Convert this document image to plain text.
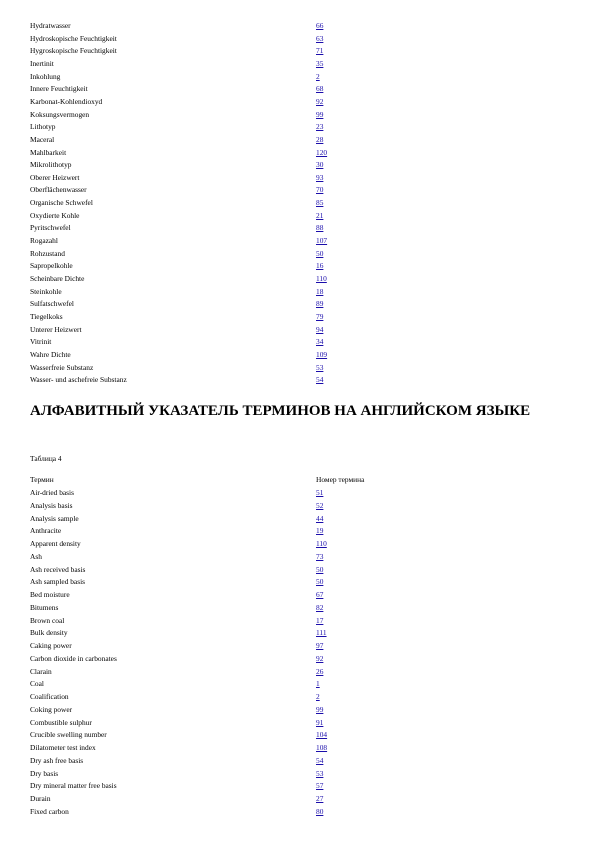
Hydratwasser	66
Hydroskopische Feuchtigkeit	63
Hygroskopische Feuchtigkeit	71
Inertinit	35
Inkohlung	2
Innere Feuchtigkeit	68
Karbonat-Kohlendioxyd	92
Koksungsvermogen	99
Lithotyp	23
Maceral	28
Mahlbarkeit	120
Mikrolithotyp	30
Oberer Heizwert	93
Oberflächenwasser	70
Organische Schwefel	85
Oxydierte Kohle	21
Pyritschwefel	88
Rogazahl	107
Rohzustand	50
Sapropelkohle	16
Scheinbare Dichte	110
Steinkohle	18
Sulfatschwefel	89
Tiegelkoks	79
Unterer Heizwert	94
Vitrinit	34
Wahre Dichte	109
Wasserfreie Substanz	53
Wasser- und aschefreie Substanz	54
АЛФАВИТНЫЙ УКАЗАТЕЛЬ ТЕРМИНОВ НА АНГЛИЙСКОМ ЯЗЫКЕ
Таблица 4
Термин	Номер термина
Air-dried basis	51
Analysis basis	52
Analysis sample	44
Anthracite	19
Apparent density	110
Ash	73
Ash received basis	50
Ash sampled basis	50
Bed moisture	67
Bitumens	82
Brown coal	17
Bulk density	111
Caking power	97
Carbon dioxide in carbonates	92
Clarain	26
Coal	1
Coalification	2
Coking power	99
Combustible sulphur	91
Crucible swelling number	104
Dilatometer test index	108
Dry ash free basis	54
Dry basis	53
Dry mineral matter free basis	57
Durain	27
Fixed carbon	80
